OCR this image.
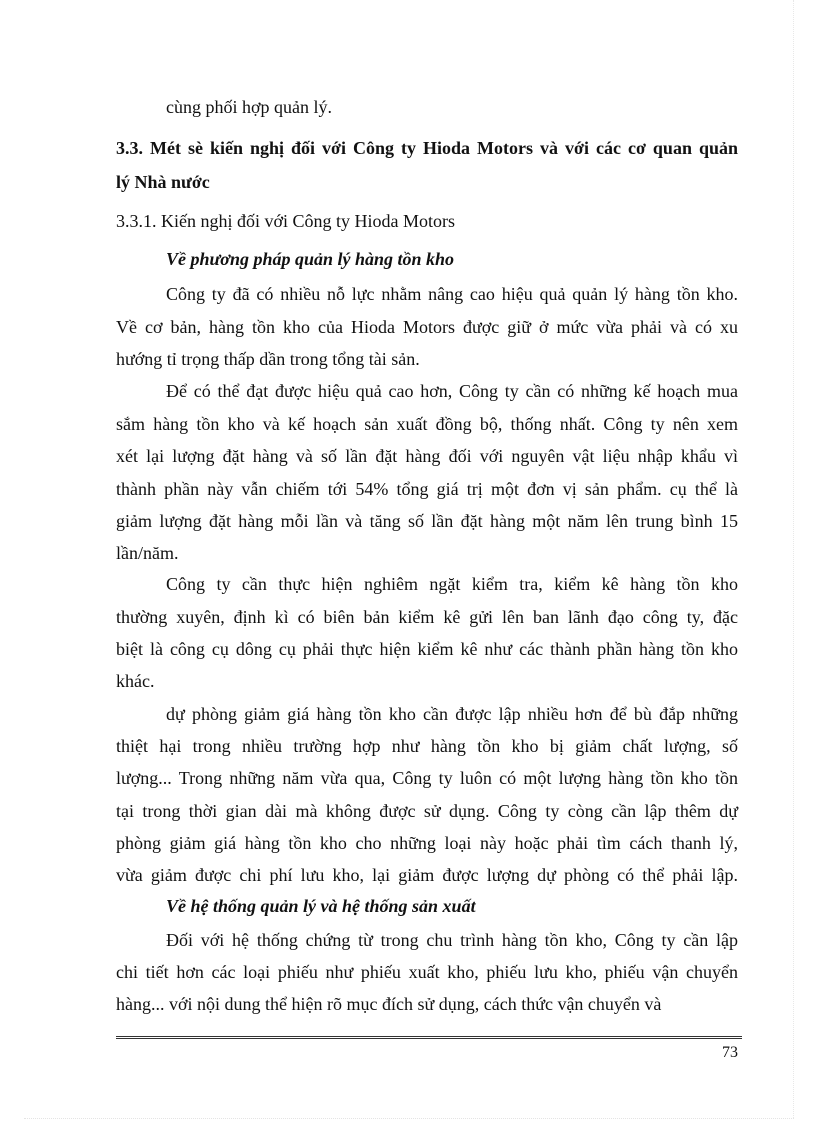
cùng phối hợp quản lý.
3.3. Mét sè kiến nghị đối với Công ty Hioda Motors và với các cơ quan quản
lý Nhà nước
3.3.1. Kiến nghị đối với Công ty Hioda Motors
Về phương pháp quản lý hàng tồn kho
Công ty đã có nhiều nỗ lực nhằm nâng cao hiệu quả quản lý hàng tồn kho.
Về cơ bản, hàng tồn kho của Hioda Motors được giữ ở mức vừa phải và có xu
hướng tỉ trọng thấp dần trong tổng tài sản.
Để có thể đạt được hiệu quả cao hơn, Công ty cần có những kế hoạch mua
sắm hàng tồn kho và kế hoạch sản xuất đồng bộ, thống nhất. Công ty nên xem
xét lại lượng đặt hàng và số lần đặt hàng đối với nguyên vật liệu nhập khẩu vì
thành phần này vẫn chiếm tới 54% tổng giá trị một đơn vị sản phẩm. cụ thể là
giảm lượng đặt hàng mỗi lần và tăng số lần đặt hàng một năm lên trung bình 15
lần/năm.
Công ty cần thực hiện nghiêm ngặt kiểm tra, kiểm kê hàng tồn kho
thường xuyên, định kì có biên bản kiểm kê gửi lên ban lãnh đạo công ty, đặc
biệt là công cụ dông cụ phải thực hiện kiểm kê như các thành phần hàng tồn kho
khác.
dự phòng giảm giá hàng tồn kho cần được lập nhiều hơn để bù đắp những
thiệt hại trong nhiều trường hợp như hàng tồn kho bị giảm chất lượng, số
lượng... Trong những năm vừa qua, Công ty luôn có một lượng hàng tồn kho tồn
tại trong thời gian dài mà không được sử dụng. Công ty còng cần lập thêm dự
phòng giảm giá hàng tồn kho cho những loại này hoặc phải tìm cách thanh lý,
vừa giảm được chi phí lưu kho, lại giảm được lượng dự phòng có thể phải lập.
Về hệ thống quản lý và hệ thống sản xuất
Đối với hệ thống chứng từ trong chu trình hàng tồn kho, Công ty cần lập
chi tiết hơn các loại phiếu như phiếu xuất kho, phiếu lưu kho, phiếu vận chuyển
hàng... với nội dung thể hiện rõ mục đích sử dụng, cách thức vận chuyển và
73
